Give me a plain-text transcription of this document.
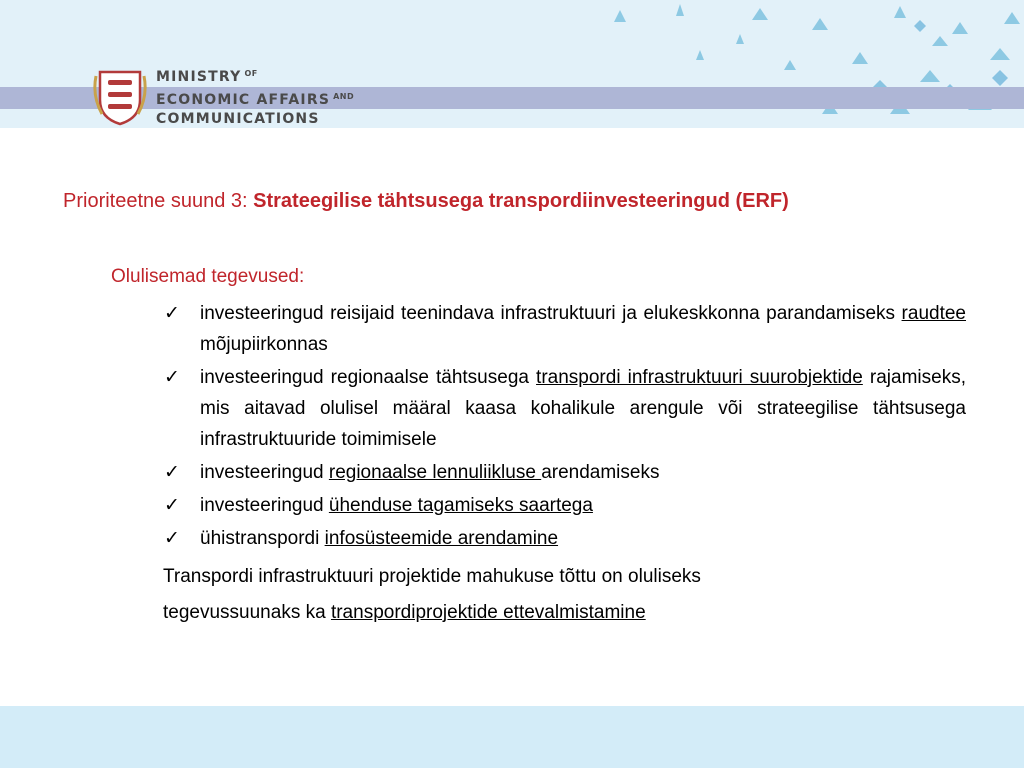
MINISTRY $^{OF}$
ECONOMIC AFFAIRS $^{AND}$
COMMUNICATIONS
Prioriteetne suund 3: Strateegilise tähtsusega transpordiinvesteeringud (ERF)
Olulisemad tegevused:
✓ investeeringud reisijaid teenindava infrastruktuuri ja elukeskkonna parandamiseks raudtee mõjupiirkonnas
✓ investeeringud regionaalse tähtsusega transpordi infrastruktuuri suurobjektide rajamiseks, mis aitavad olulisel määral kaasa kohalikule arengule või strateegilise tähtsusega infrastruktuuride toimimisele
✓ investeeringud regionaalse lennuliikluse arendamiseks
✓ investeeringud ühenduse tagamiseks saartega
✓ ühistranspordi infosüsteemide arendamine
Transpordi infrastruktuuri projektide mahukuse tõttu on oluliseks
tegevussuunaks ka transpordiprojektide ettevalmistamine
